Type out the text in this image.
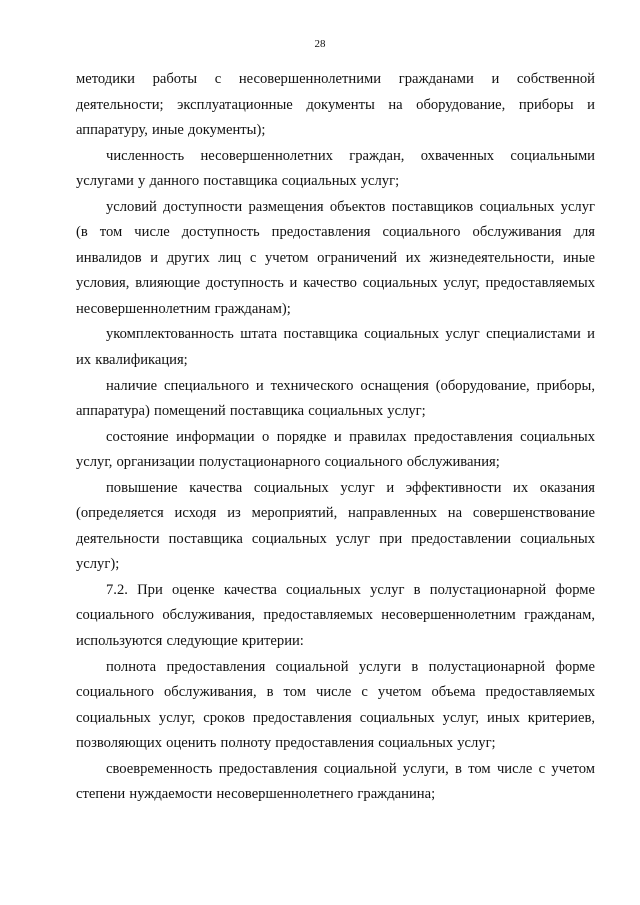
28

методики работы с несовершеннолетними гражданами и собственной деятельности; эксплуатационные документы на оборудование, приборы и аппаратуру, иные документы);

численность несовершеннолетних граждан, охваченных социальными услугами у данного поставщика социальных услуг;

условий доступности размещения объектов поставщиков социальных услуг (в том числе доступность предоставления социального обслуживания для инвалидов и других лиц с учетом ограничений их жизнедеятельности, иные условия, влияющие доступность и качество социальных услуг, предоставляемых несовершеннолетним гражданам);

укомплектованность штата поставщика социальных услуг специалистами и их квалификация;

наличие специального и технического оснащения (оборудование, приборы, аппаратура) помещений поставщика социальных услуг;

состояние информации о порядке и правилах предоставления социальных услуг, организации полустационарного социального обслуживания;

повышение качества социальных услуг и эффективности их оказания (определяется исходя из мероприятий, направленных на совершенствование деятельности поставщика социальных услуг при предоставлении социальных услуг);

7.2. При оценке качества социальных услуг в полустационарной форме социального обслуживания, предоставляемых несовершеннолетним гражданам, используются следующие критерии:

полнота предоставления социальной услуги в полустационарной форме социального обслуживания, в том числе с учетом объема предоставляемых социальных услуг, сроков предоставления социальных услуг, иных критериев, позволяющих оценить полноту предоставления социальных услуг;

своевременность предоставления социальной услуги, в том числе с учетом степени нуждаемости несовершеннолетнего гражданина;
